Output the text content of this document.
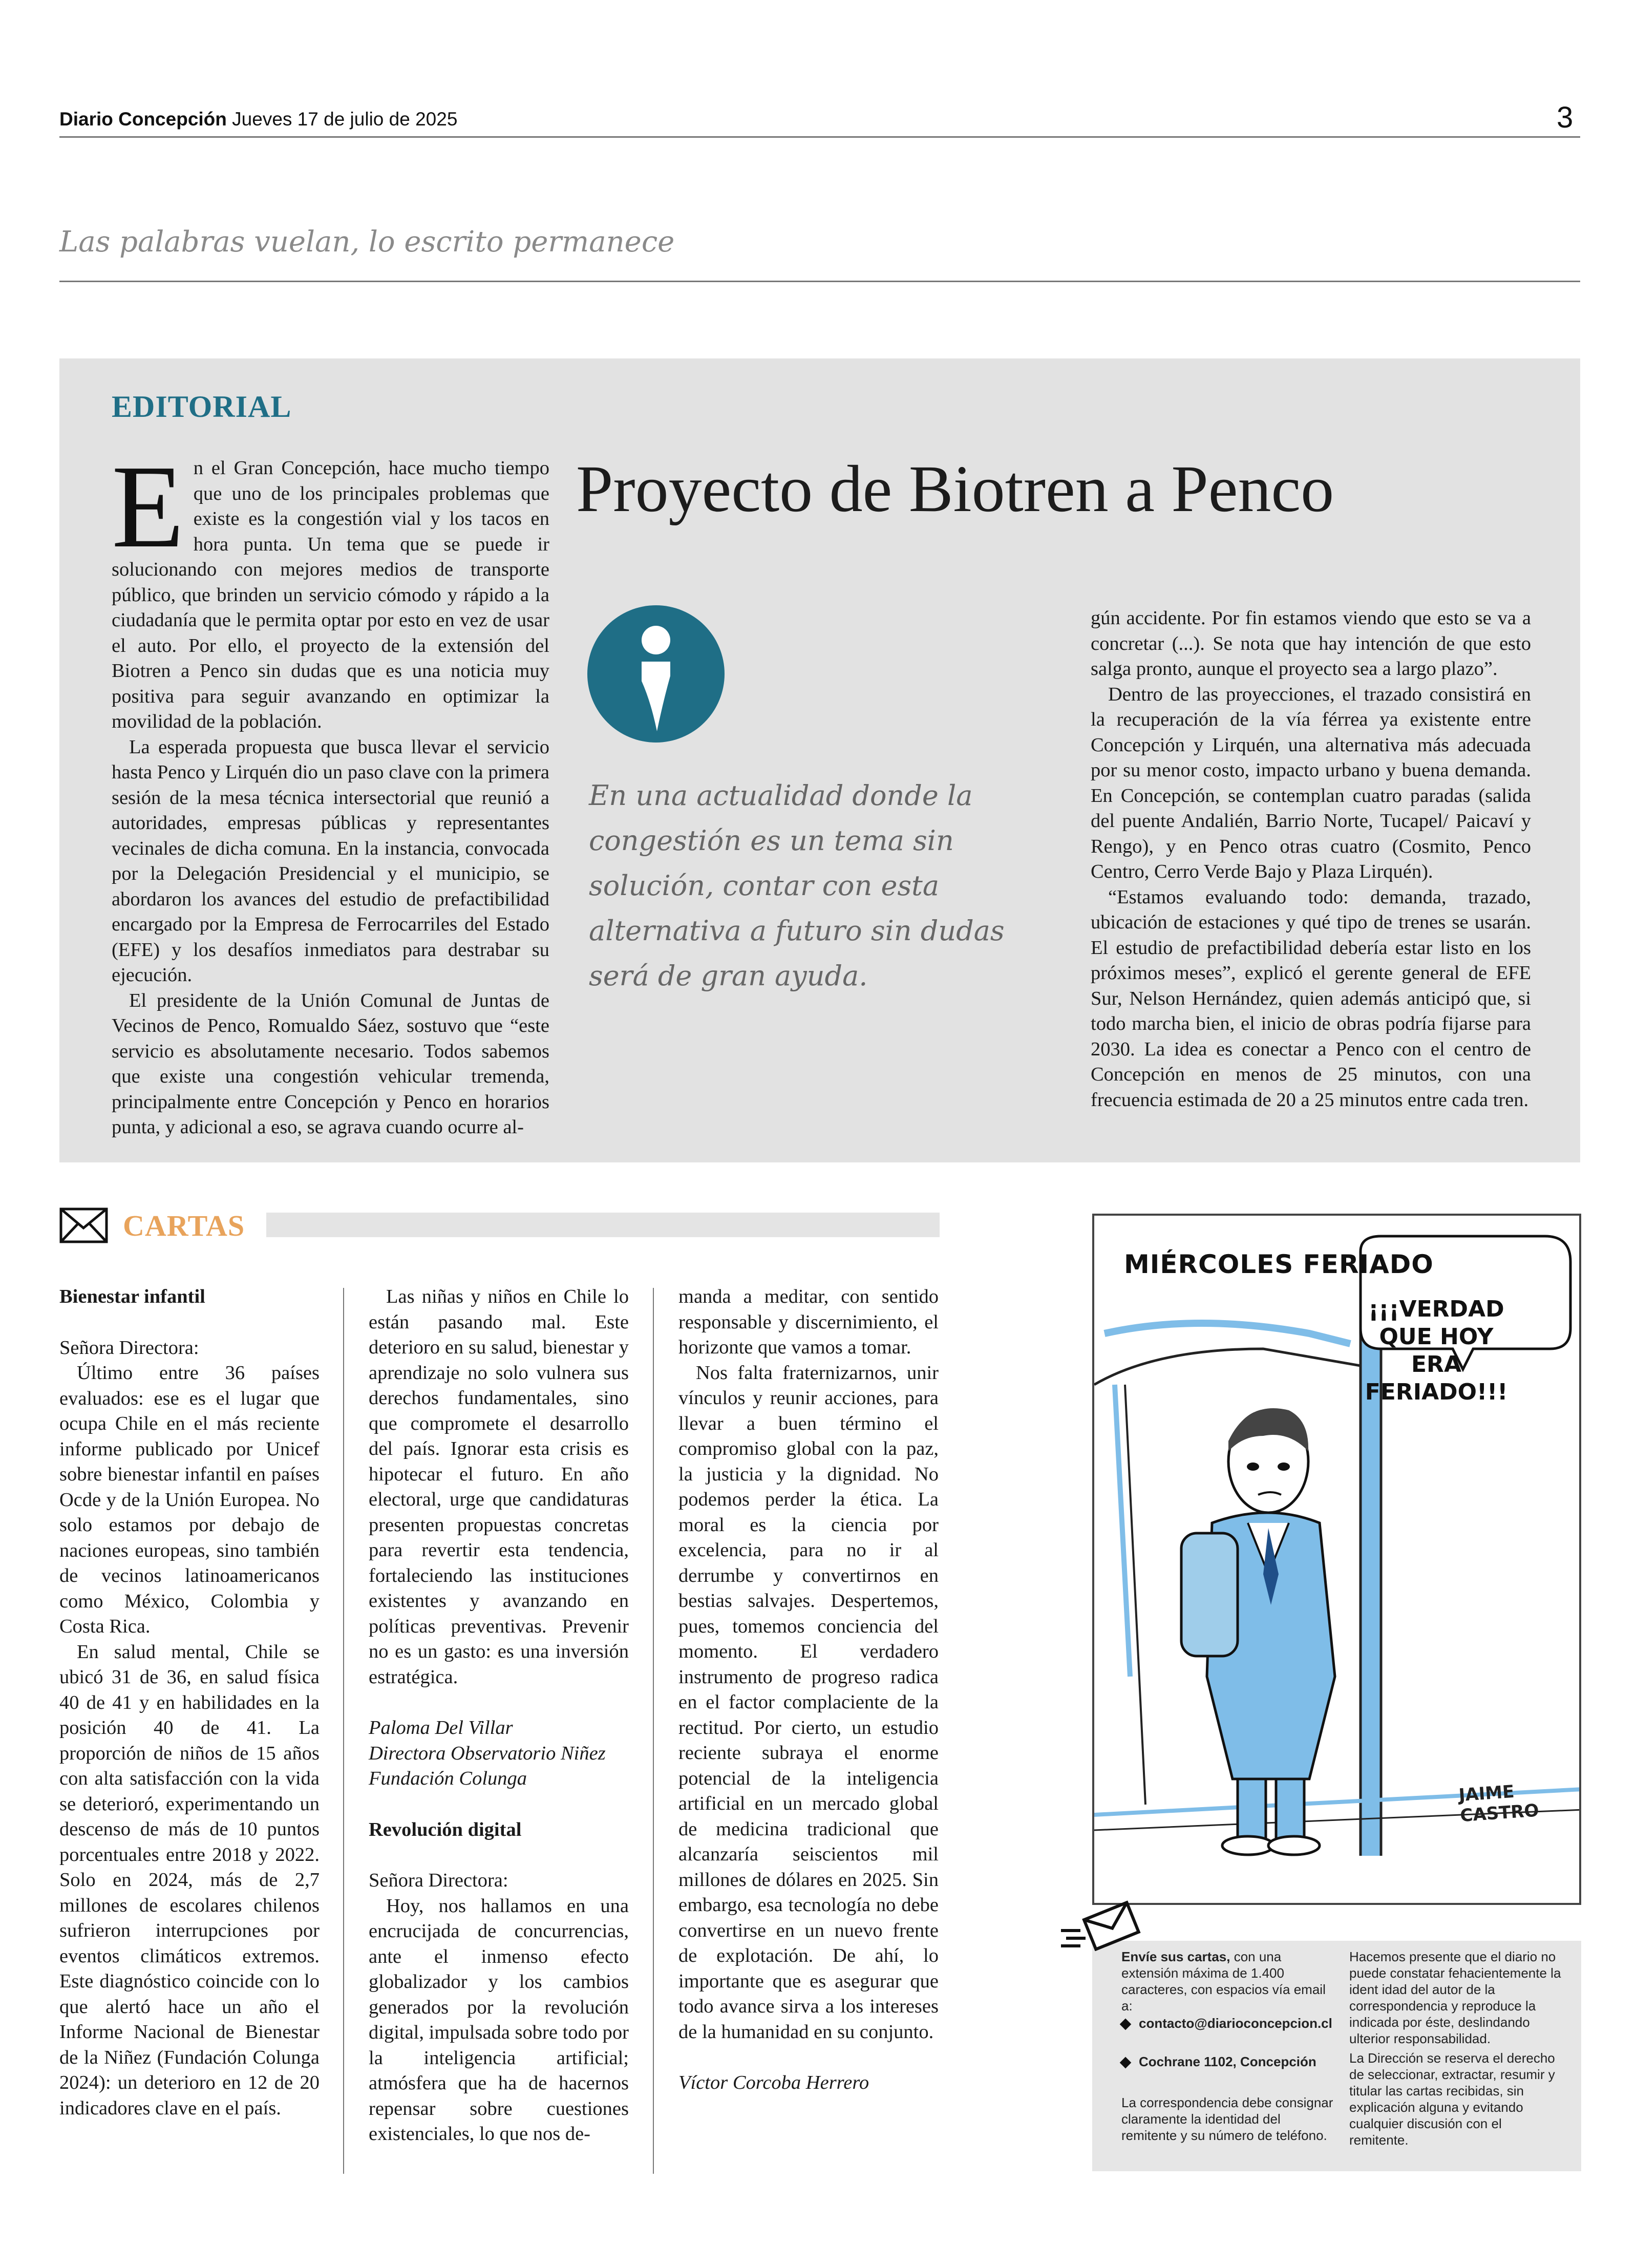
Diario Concepción Jueves 17 de julio de 2025	3
Las palabras vuelan, lo escrito permanece
EDITORIAL
Proyecto de Biotren a Penco

En el Gran Concepción, hace mucho tiempo que uno de los principales problemas que existe es la congestión vial y los tacos en hora punta. Un tema que se puede ir solucionando con mejores medios de transporte público, que brinden un servicio cómodo y rápido a la ciudadanía que le permita optar por esto en vez de usar el auto. Por ello, el proyecto de la extensión del Biotren a Penco sin dudas que es una noticia muy positiva para seguir avanzando en optimizar la movilidad de la población.

La esperada propuesta que busca llevar el servicio hasta Penco y Lirquén dio un paso clave con la primera sesión de la mesa técnica intersectorial que reunió a autoridades, empresas públicas y representantes vecinales de dicha comuna. En la instancia, convocada por la Delegación Presidencial y el municipio, se abordaron los avances del estudio de prefactibilidad encargado por la Empresa de Ferrocarriles del Estado (EFE) y los desafíos inmediatos para destrabar su ejecución.

El presidente de la Unión Comunal de Juntas de Vecinos de Penco, Romualdo Sáez, sostuvo que “este servicio es absolutamente necesario. Todos sabemos que existe una congestión vehicular tremenda, principalmente entre Concepción y Penco en horarios punta, y adicional a eso, se agrava cuando ocurre al-

En una actualidad donde la congestión es un tema sin solución, contar con esta alternativa a futuro sin dudas será de gran ayuda.

gún accidente. Por fin estamos viendo que esto se va a concretar (...). Se nota que hay intención de que esto salga pronto, aunque el proyecto sea a largo plazo”.

Dentro de las proyecciones, el trazado consistirá en la recuperación de la vía férrea ya existente entre Concepción y Lirquén, una alternativa más adecuada por su menor costo, impacto urbano y buena demanda. En Concepción, se contemplan cuatro paradas (salida del puente Andalién, Barrio Norte, Tucapel/ Paicaví y Rengo), y en Penco otras cuatro (Cosmito, Penco Centro, Cerro Verde Bajo y Plaza Lirquén).

“Estamos evaluando todo: demanda, trazado, ubicación de estaciones y qué tipo de trenes se usarán. El estudio de prefactibilidad debería estar listo en los próximos meses”, explicó el gerente general de EFE Sur, Nelson Hernández, quien además anticipó que, si todo marcha bien, el inicio de obras podría fijarse para 2030. La idea es conectar a Penco con el centro de Concepción en menos de 25 minutos, con una frecuencia estimada de 20 a 25 minutos entre cada tren.

CARTAS

Bienestar infantil

Señora Directora:

Último entre 36 países evaluados: ese es el lugar que ocupa Chile en el más reciente informe publicado por Unicef sobre bienestar infantil en países Ocde y de la Unión Europea. No solo estamos por debajo de naciones europeas, sino también de vecinos latinoamericanos como México, Colombia y Costa Rica.

En salud mental, Chile se ubicó 31 de 36, en salud física 40 de 41 y en habilidades en la posición 40 de 41. La proporción de niños de 15 años con alta satisfacción con la vida se deterioró, experimentando un descenso de más de 10 puntos porcentuales entre 2018 y 2022. Solo en 2024, más de 2,7 millones de escolares chilenos sufrieron interrupciones por eventos climáticos extremos. Este diagnóstico coincide con lo que alertó hace un año el Informe Nacional de Bienestar de la Niñez (Fundación Colunga 2024): un deterioro en 12 de 20 indicadores clave en el país.

Las niñas y niños en Chile lo están pasando mal. Este deterioro en su salud, bienestar y aprendizaje no solo vulnera sus derechos fundamentales, sino que compromete el desarrollo del país. Ignorar esta crisis es hipotecar el futuro. En año electoral, urge que candidaturas presenten propuestas concretas para revertir esta tendencia, fortaleciendo las instituciones existentes y avanzando en políticas preventivas. Prevenir no es un gasto: es una inversión estratégica.

Paloma Del Villar

Directora Observatorio Niñez

Fundación Colunga

Revolución digital

Señora Directora:

Hoy, nos hallamos en una encrucijada de concurrencias, ante el inmenso efecto globalizador y los cambios generados por la revolución digital, impulsada sobre todo por la inteligencia artificial; atmósfera que ha de hacernos repensar sobre cuestiones existenciales, lo que nos de-

manda a meditar, con sentido responsable y discernimiento, el horizonte que vamos a tomar.

Nos falta fraternizarnos, unir vínculos y reunir acciones, para llevar a buen término el compromiso global con la paz, la justicia y la dignidad. No podemos perder la ética. La moral es la ciencia por excelencia, para no ir al derrumbe y convertirnos en bestias salvajes. Despertemos, pues, tomemos conciencia del momento. El verdadero instrumento de progreso radica en el factor complaciente de la rectitud. Por cierto, un estudio reciente subraya el enorme potencial de la inteligencia artificial en un mercado global de medicina tradicional que alcanzaría seiscientos mil millones de dólares en 2025. Sin embargo, esa tecnología no debe convertirse en un nuevo frente de explotación. De ahí, lo importante que es asegurar que todo avance sirva a los intereses de la humanidad en su conjunto.

Víctor Corcoba Herrero

MIÉRCOLES FERIADO
¡¡¡VERDAD QUE HOY ERA FERIADO!!!
JAIME CASTRO
Envíe sus cartas, con una extensión máxima de 1.400 caracteres, con espacios vía email a:
contacto@diarioconcepcion.cl
Cochrane 1102, Concepción
La correspondencia debe consignar claramente la identidad del remitente y su número de teléfono.
Hacemos presente que el diario no puede constatar fehacientemente la ident idad del autor de la correspondencia y reproduce la indicada por éste, deslindando ulterior responsabilidad.
La Dirección se reserva el derecho de seleccionar, extractar, resumir y titular las cartas recibidas, sin explicación alguna y evitando cualquier discusión con el remitente.
